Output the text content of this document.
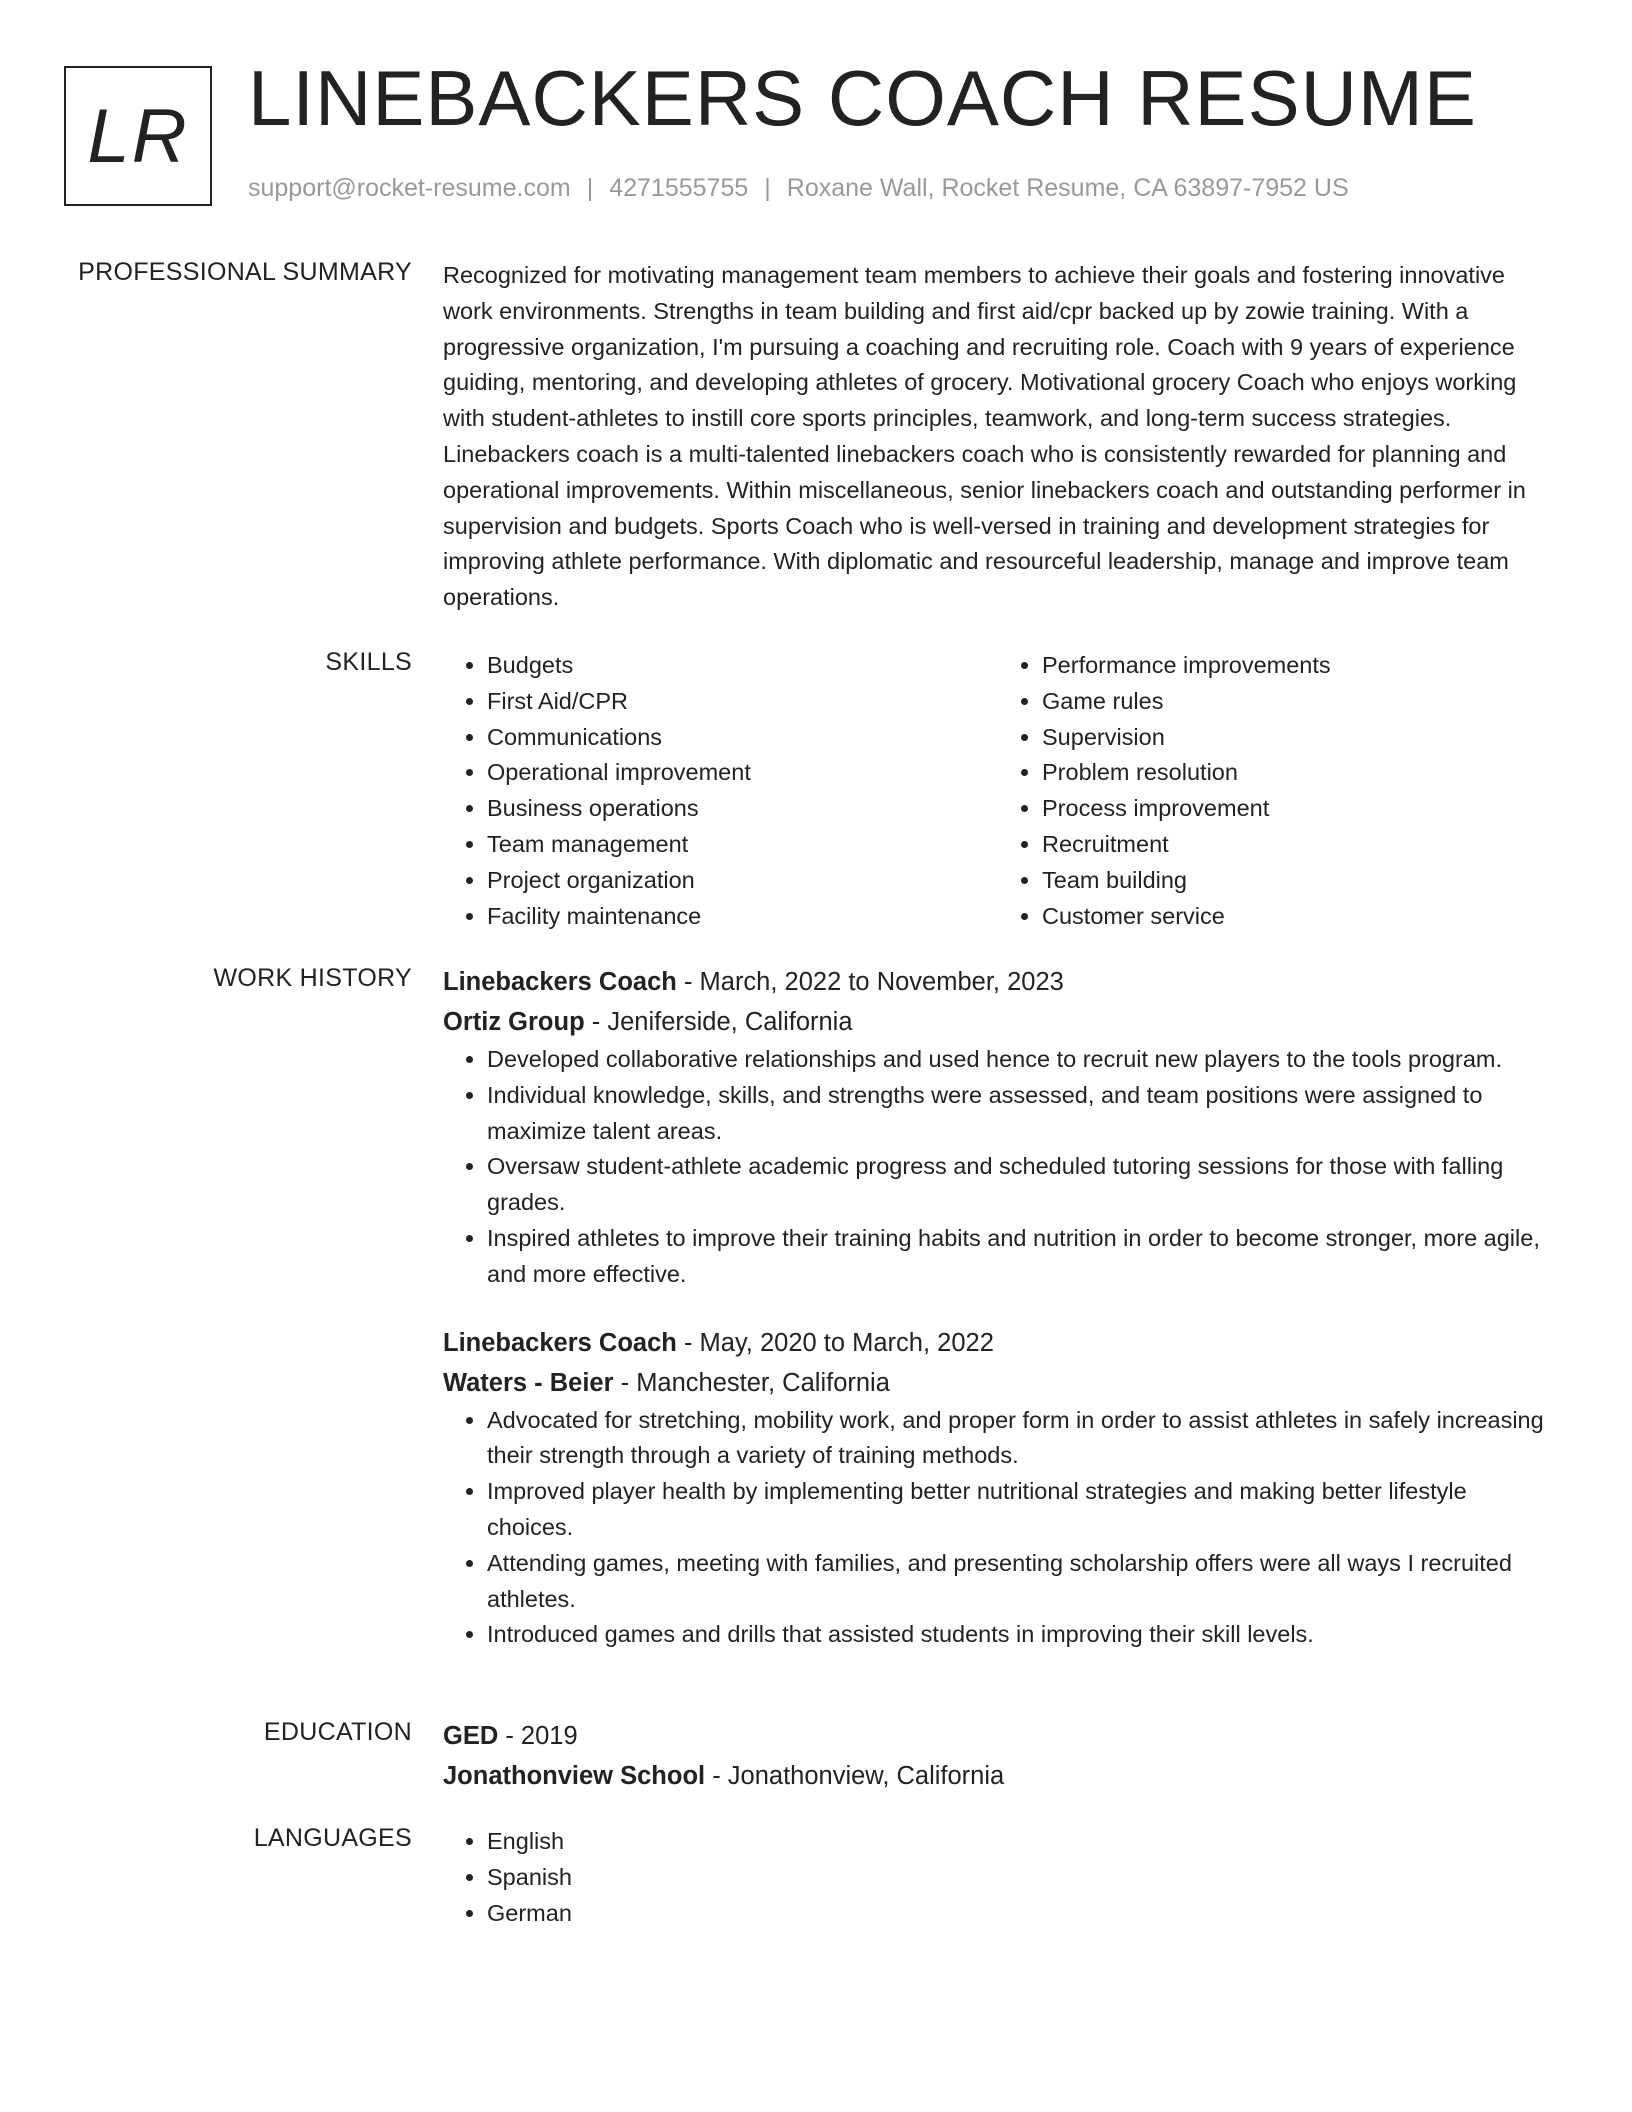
LR LINEBACKERS COACH RESUME
support@rocket-resume.com | 4271555755 | Roxane Wall, Rocket Resume, CA 63897-7952 US
PROFESSIONAL SUMMARY Recognized for motivating management team members to achieve their goals and fostering innovative work environments. Strengths in team building and first aid/cpr backed up by zowie training. With a progressive organization, I'm pursuing a coaching and recruiting role. Coach with 9 years of experience guiding, mentoring, and developing athletes of grocery. Motivational grocery Coach who enjoys working with student-athletes to instill core sports principles, teamwork, and long-term success strategies. Linebackers coach is a multi-talented linebackers coach who is consistently rewarded for planning and operational improvements. Within miscellaneous, senior linebackers coach and outstanding performer in supervision and budgets. Sports Coach who is well-versed in training and development strategies for improving athlete performance. With diplomatic and resourceful leadership, manage and improve team operations.

SKILLS	• Budgets
• First Aid/CPR
• Communications
• Operational improvement
• Business operations
• Team management
• Project organization
• Facility maintenance
• Performance improvements
• Game rules
• Supervision
• Problem resolution
• Process improvement
• Recruitment
• Team building
• Customer service
WORK HISTORY Linebackers Coach - March, 2022 to November, 2023
Ortiz Group - Jeniferside, California
• Developed collaborative relationships and used hence to recruit new players to the tools program.
• Individual knowledge, skills, and strengths were assessed, and team positions were assigned to maximize talent areas.
• Oversaw student-athlete academic progress and scheduled tutoring sessions for those with falling grades.
• Inspired athletes to improve their training habits and nutrition in order to become stronger, more agile, and more effective.
Linebackers Coach - May, 2020 to March, 2022
Waters - Beier - Manchester, California
• Advocated for stretching, mobility work, and proper form in order to assist athletes in safely increasing their strength through a variety of training methods.
• Improved player health by implementing better nutritional strategies and making better lifestyle choices.
• Attending games, meeting with families, and presenting scholarship offers were all ways I recruited athletes.
• Introduced games and drills that assisted students in improving their skill levels.
EDUCATION GED - 2019
Jonathonview School - Jonathonview, California
LANGUAGES	• English
• Spanish
• German
